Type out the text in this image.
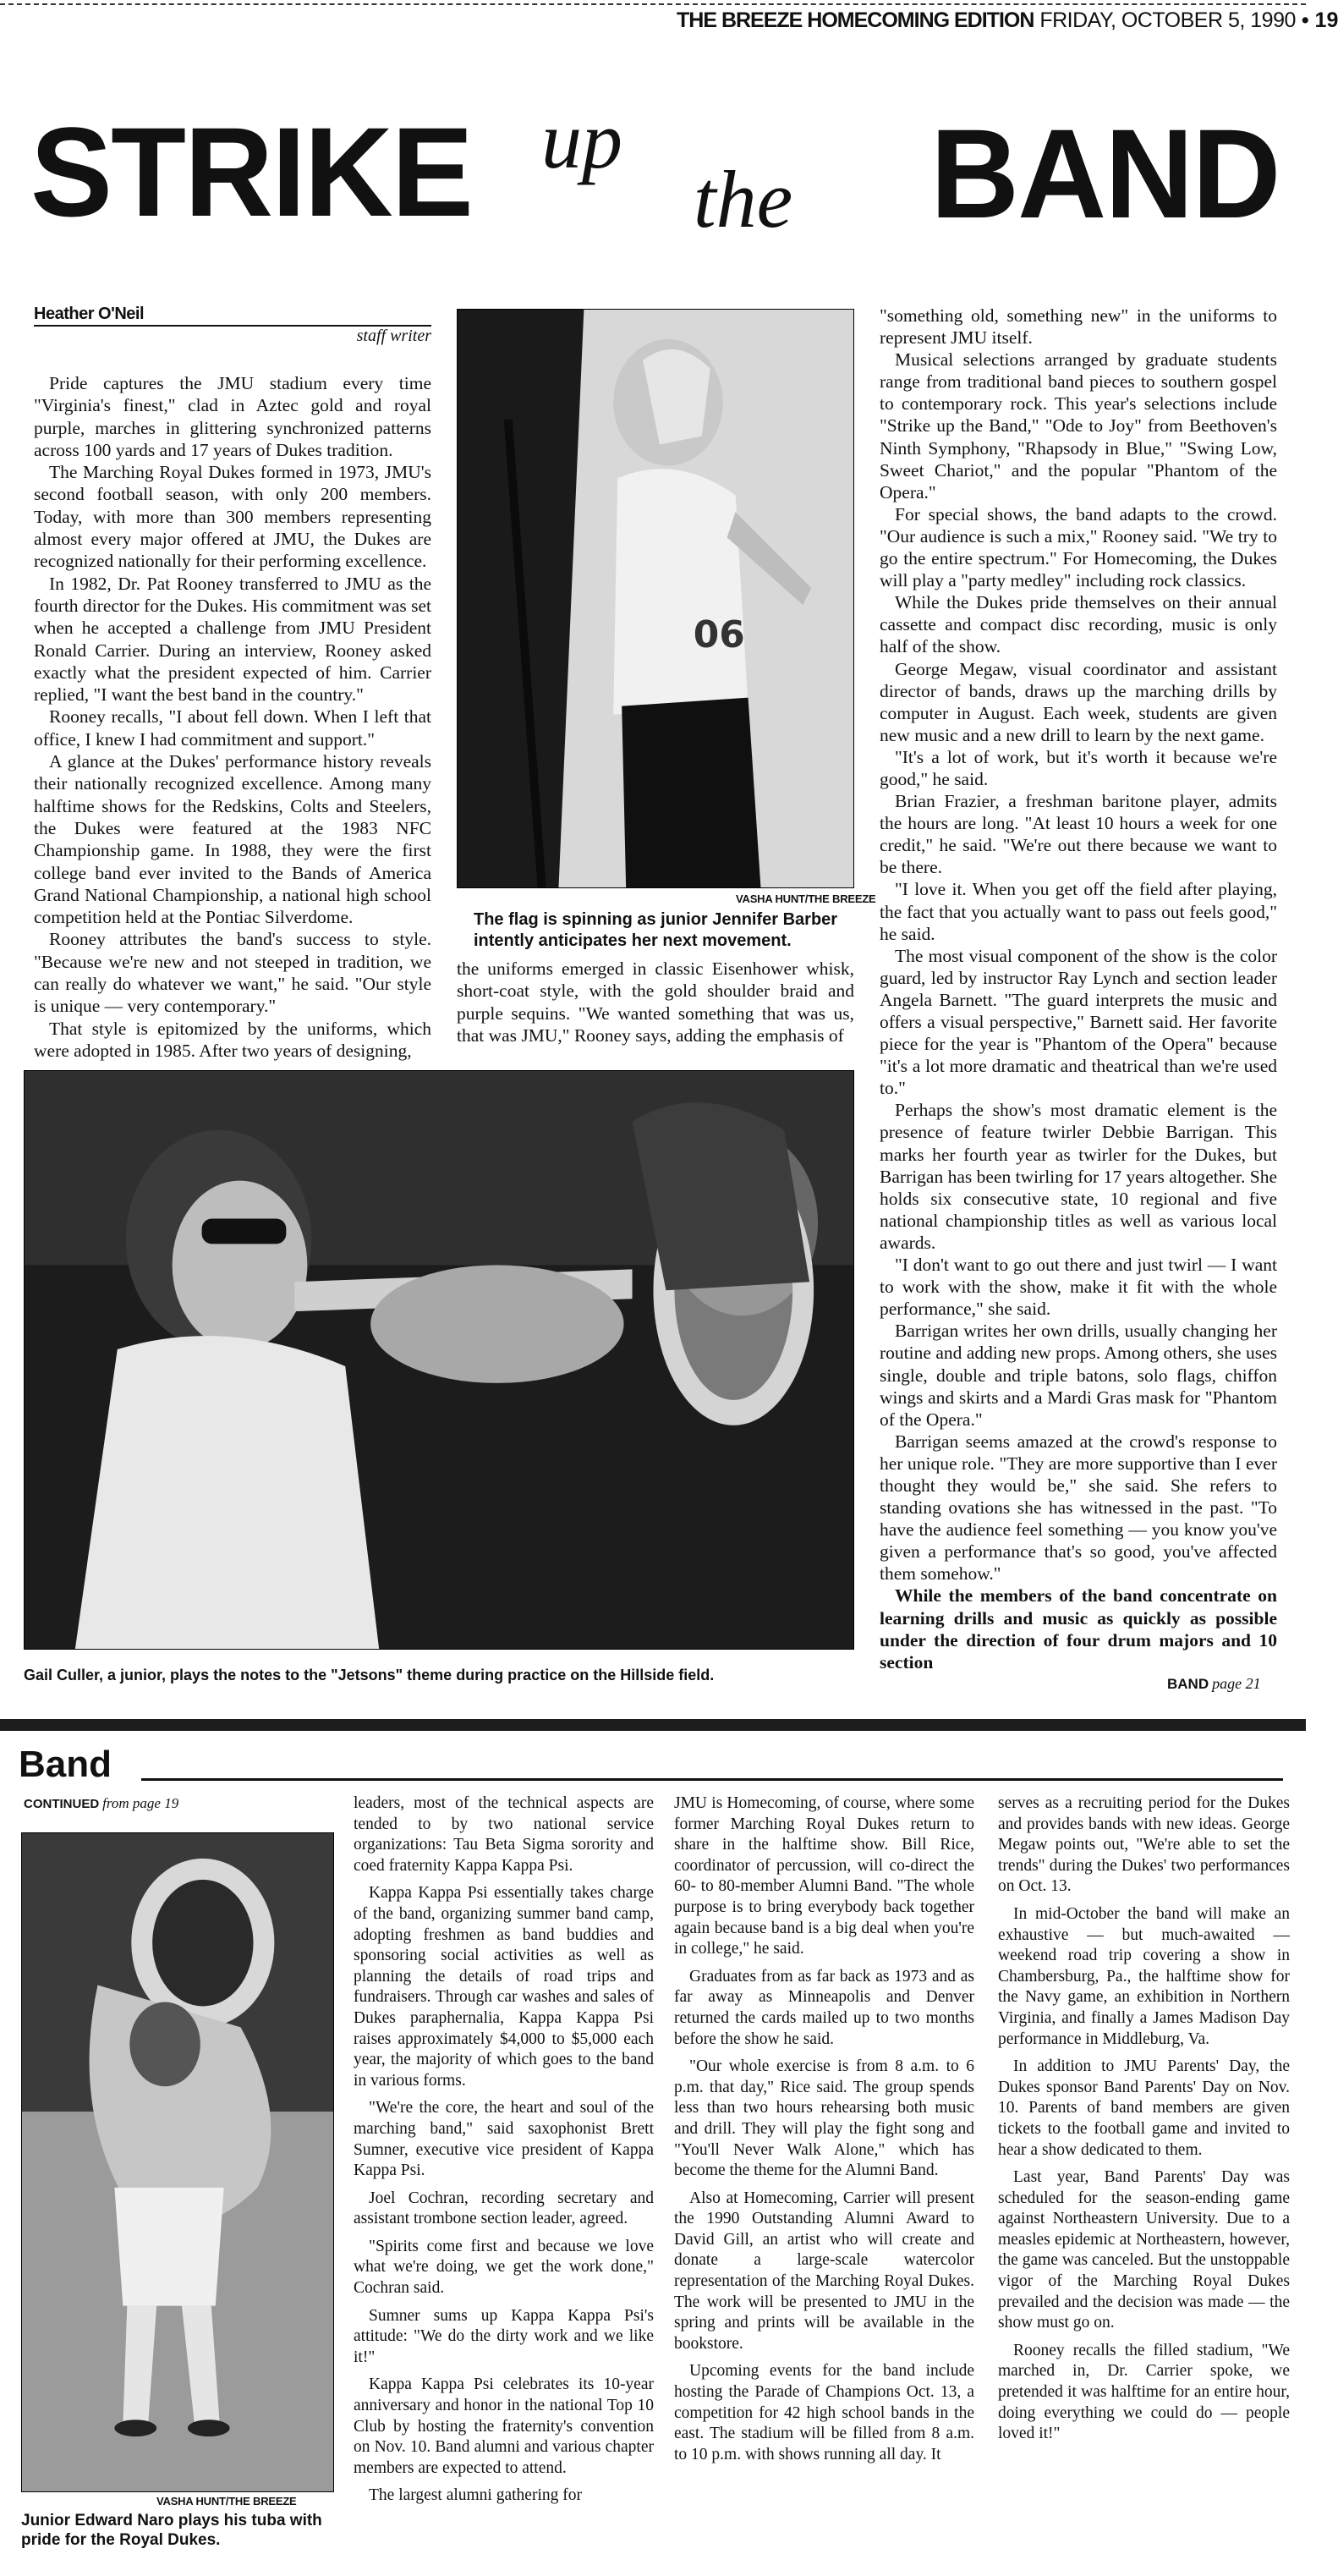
THE BREEZE HOMECOMING EDITION FRIDAY, OCTOBER 5, 1990 • 19
STRIKE up
the BAND
Heather O'Neil
staff writer

Pride captures the JMU stadium every time "Virginia's finest," clad in Aztec gold and royal purple, marches in glittering synchronized patterns across 100 yards and 17 years of Dukes tradition.

The Marching Royal Dukes formed in 1973, JMU's second football season, with only 200 members. Today, with more than 300 members representing almost every major offered at JMU, the Dukes are recognized nationally for their performing excellence.

In 1982, Dr. Pat Rooney transferred to JMU as the fourth director for the Dukes. His commitment was set when he accepted a challenge from JMU President Ronald Carrier. During an interview, Rooney asked exactly what the president expected of him. Carrier replied, "I want the best band in the country."

Rooney recalls, "I about fell down. When I left that office, I knew I had commitment and support."

A glance at the Dukes' performance history reveals their nationally recognized excellence. Among many halftime shows for the Redskins, Colts and Steelers, the Dukes were featured at the 1983 NFC Championship game. In 1988, they were the first college band ever invited to the Bands of America Grand National Championship, a national high school competition held at the Pontiac Silverdome.

Rooney attributes the band's success to style. "Because we're new and not steeped in tradition, we can really do whatever we want," he said. "Our style is unique — very contemporary."

That style is epitomized by the uniforms, which were adopted in 1985. After two years of designing,

06
VASHA HUNT/THE BREEZE
The flag is spinning as junior Jennifer Barber intently anticipates her next movement.

the uniforms emerged in classic Eisenhower whisk, short-coat style, with the gold shoulder braid and purple sequins. "We wanted something that was us, that was JMU," Rooney says, adding the emphasis of

"something old, something new" in the uniforms to represent JMU itself.

Musical selections arranged by graduate students range from traditional band pieces to southern gospel to contemporary rock. This year's selections include "Strike up the Band," "Ode to Joy" from Beethoven's Ninth Symphony, "Rhapsody in Blue," "Swing Low, Sweet Chariot," and the popular "Phantom of the Opera."

For special shows, the band adapts to the crowd. "Our audience is such a mix," Rooney said. "We try to go the entire spectrum." For Homecoming, the Dukes will play a "party medley" including rock classics.

While the Dukes pride themselves on their annual cassette and compact disc recording, music is only half of the show.

George Megaw, visual coordinator and assistant director of bands, draws up the marching drills by computer in August. Each week, students are given new music and a new drill to learn by the next game.

"It's a lot of work, but it's worth it because we're good," he said.

Brian Frazier, a freshman baritone player, admits the hours are long. "At least 10 hours a week for one credit," he said. "We're out there because we want to be there.

"I love it. When you get off the field after playing, the fact that you actually want to pass out feels good," he said.

The most visual component of the show is the color guard, led by instructor Ray Lynch and section leader Angela Barnett. "The guard interprets the music and offers a visual perspective," Barnett said. Her favorite piece for the year is "Phantom of the Opera" because "it's a lot more dramatic and theatrical than we're used to."

Perhaps the show's most dramatic element is the presence of feature twirler Debbie Barrigan. This marks her fourth year as twirler for the Dukes, but Barrigan has been twirling for 17 years altogether. She holds six consecutive state, 10 regional and five national championship titles as well as various local awards.

"I don't want to go out there and just twirl — I want to work with the show, make it fit with the whole performance," she said.

Barrigan writes her own drills, usually changing her routine and adding new props. Among others, she uses single, double and triple batons, solo flags, chiffon wings and skirts and a Mardi Gras mask for "Phantom of the Opera."

Barrigan seems amazed at the crowd's response to her unique role. "They are more supportive than I ever thought they would be," she said. She refers to standing ovations she has witnessed in the past. "To have the audience feel something — you know you've given a performance that's so good, you've affected them somehow."

While the members of the band concentrate on learning drills and music as quickly as possible under the direction of four drum majors and 10 section

Gail Culler, a junior, plays the notes to the "Jetsons" theme during practice on the Hillside field.
BAND page 21
Band
CONTINUED from page 19
VASHA HUNT/THE BREEZE
Junior Edward Naro plays his tuba with pride for the Royal Dukes.

leaders, most of the technical aspects are tended to by two national service organizations: Tau Beta Sigma sorority and coed fraternity Kappa Kappa Psi.

Kappa Kappa Psi essentially takes charge of the band, organizing summer band camp, adopting freshmen as band buddies and sponsoring social activities as well as planning the details of road trips and fundraisers. Through car washes and sales of Dukes paraphernalia, Kappa Kappa Psi raises approximately $4,000 to $5,000 each year, the majority of which goes to the band in various forms.

"We're the core, the heart and soul of the marching band," said saxophonist Brett Sumner, executive vice president of Kappa Kappa Psi.

Joel Cochran, recording secretary and assistant trombone section leader, agreed.

"Spirits come first and because we love what we're doing, we get the work done," Cochran said.

Sumner sums up Kappa Kappa Psi's attitude: "We do the dirty work and we like it!"

Kappa Kappa Psi celebrates its 10-year anniversary and honor in the national Top 10 Club by hosting the fraternity's convention on Nov. 10. Band alumni and various chapter members are expected to attend.

The largest alumni gathering for

JMU is Homecoming, of course, where some former Marching Royal Dukes return to share in the halftime show. Bill Rice, coordinator of percussion, will co-direct the 60- to 80-member Alumni Band. "The whole purpose is to bring everybody back together again because band is a big deal when you're in college," he said.

Graduates from as far back as 1973 and as far away as Minneapolis and Denver returned the cards mailed up to two months before the show he said.

"Our whole exercise is from 8 a.m. to 6 p.m. that day," Rice said. The group spends less than two hours rehearsing both music and drill. They will play the fight song and "You'll Never Walk Alone," which has become the theme for the Alumni Band.

Also at Homecoming, Carrier will present the 1990 Outstanding Alumni Award to David Gill, an artist who will create and donate a large-scale watercolor representation of the Marching Royal Dukes. The work will be presented to JMU in the spring and prints will be available in the bookstore.

Upcoming events for the band include hosting the Parade of Champions Oct. 13, a competition for 42 high school bands in the east. The stadium will be filled from 8 a.m. to 10 p.m. with shows running all day. It

serves as a recruiting period for the Dukes and provides bands with new ideas. George Megaw points out, "We're able to set the trends" during the Dukes' two performances on Oct. 13.

In mid-October the band will make an exhaustive — but much-awaited — weekend road trip covering a show in Chambersburg, Pa., the halftime show for the Navy game, an exhibition in Northern Virginia, and finally a James Madison Day performance in Middleburg, Va.

In addition to JMU Parents' Day, the Dukes sponsor Band Parents' Day on Nov. 10. Parents of band members are given tickets to the football game and invited to hear a show dedicated to them.

Last year, Band Parents' Day was scheduled for the season-ending game against Northeastern University. Due to a measles epidemic at Northeastern, however, the game was canceled. But the unstoppable vigor of the Marching Royal Dukes prevailed and the decision was made — the show must go on.

Rooney recalls the filled stadium, "We marched in, Dr. Carrier spoke, we pretended it was halftime for an entire hour, doing everything we could do — people loved it!"
